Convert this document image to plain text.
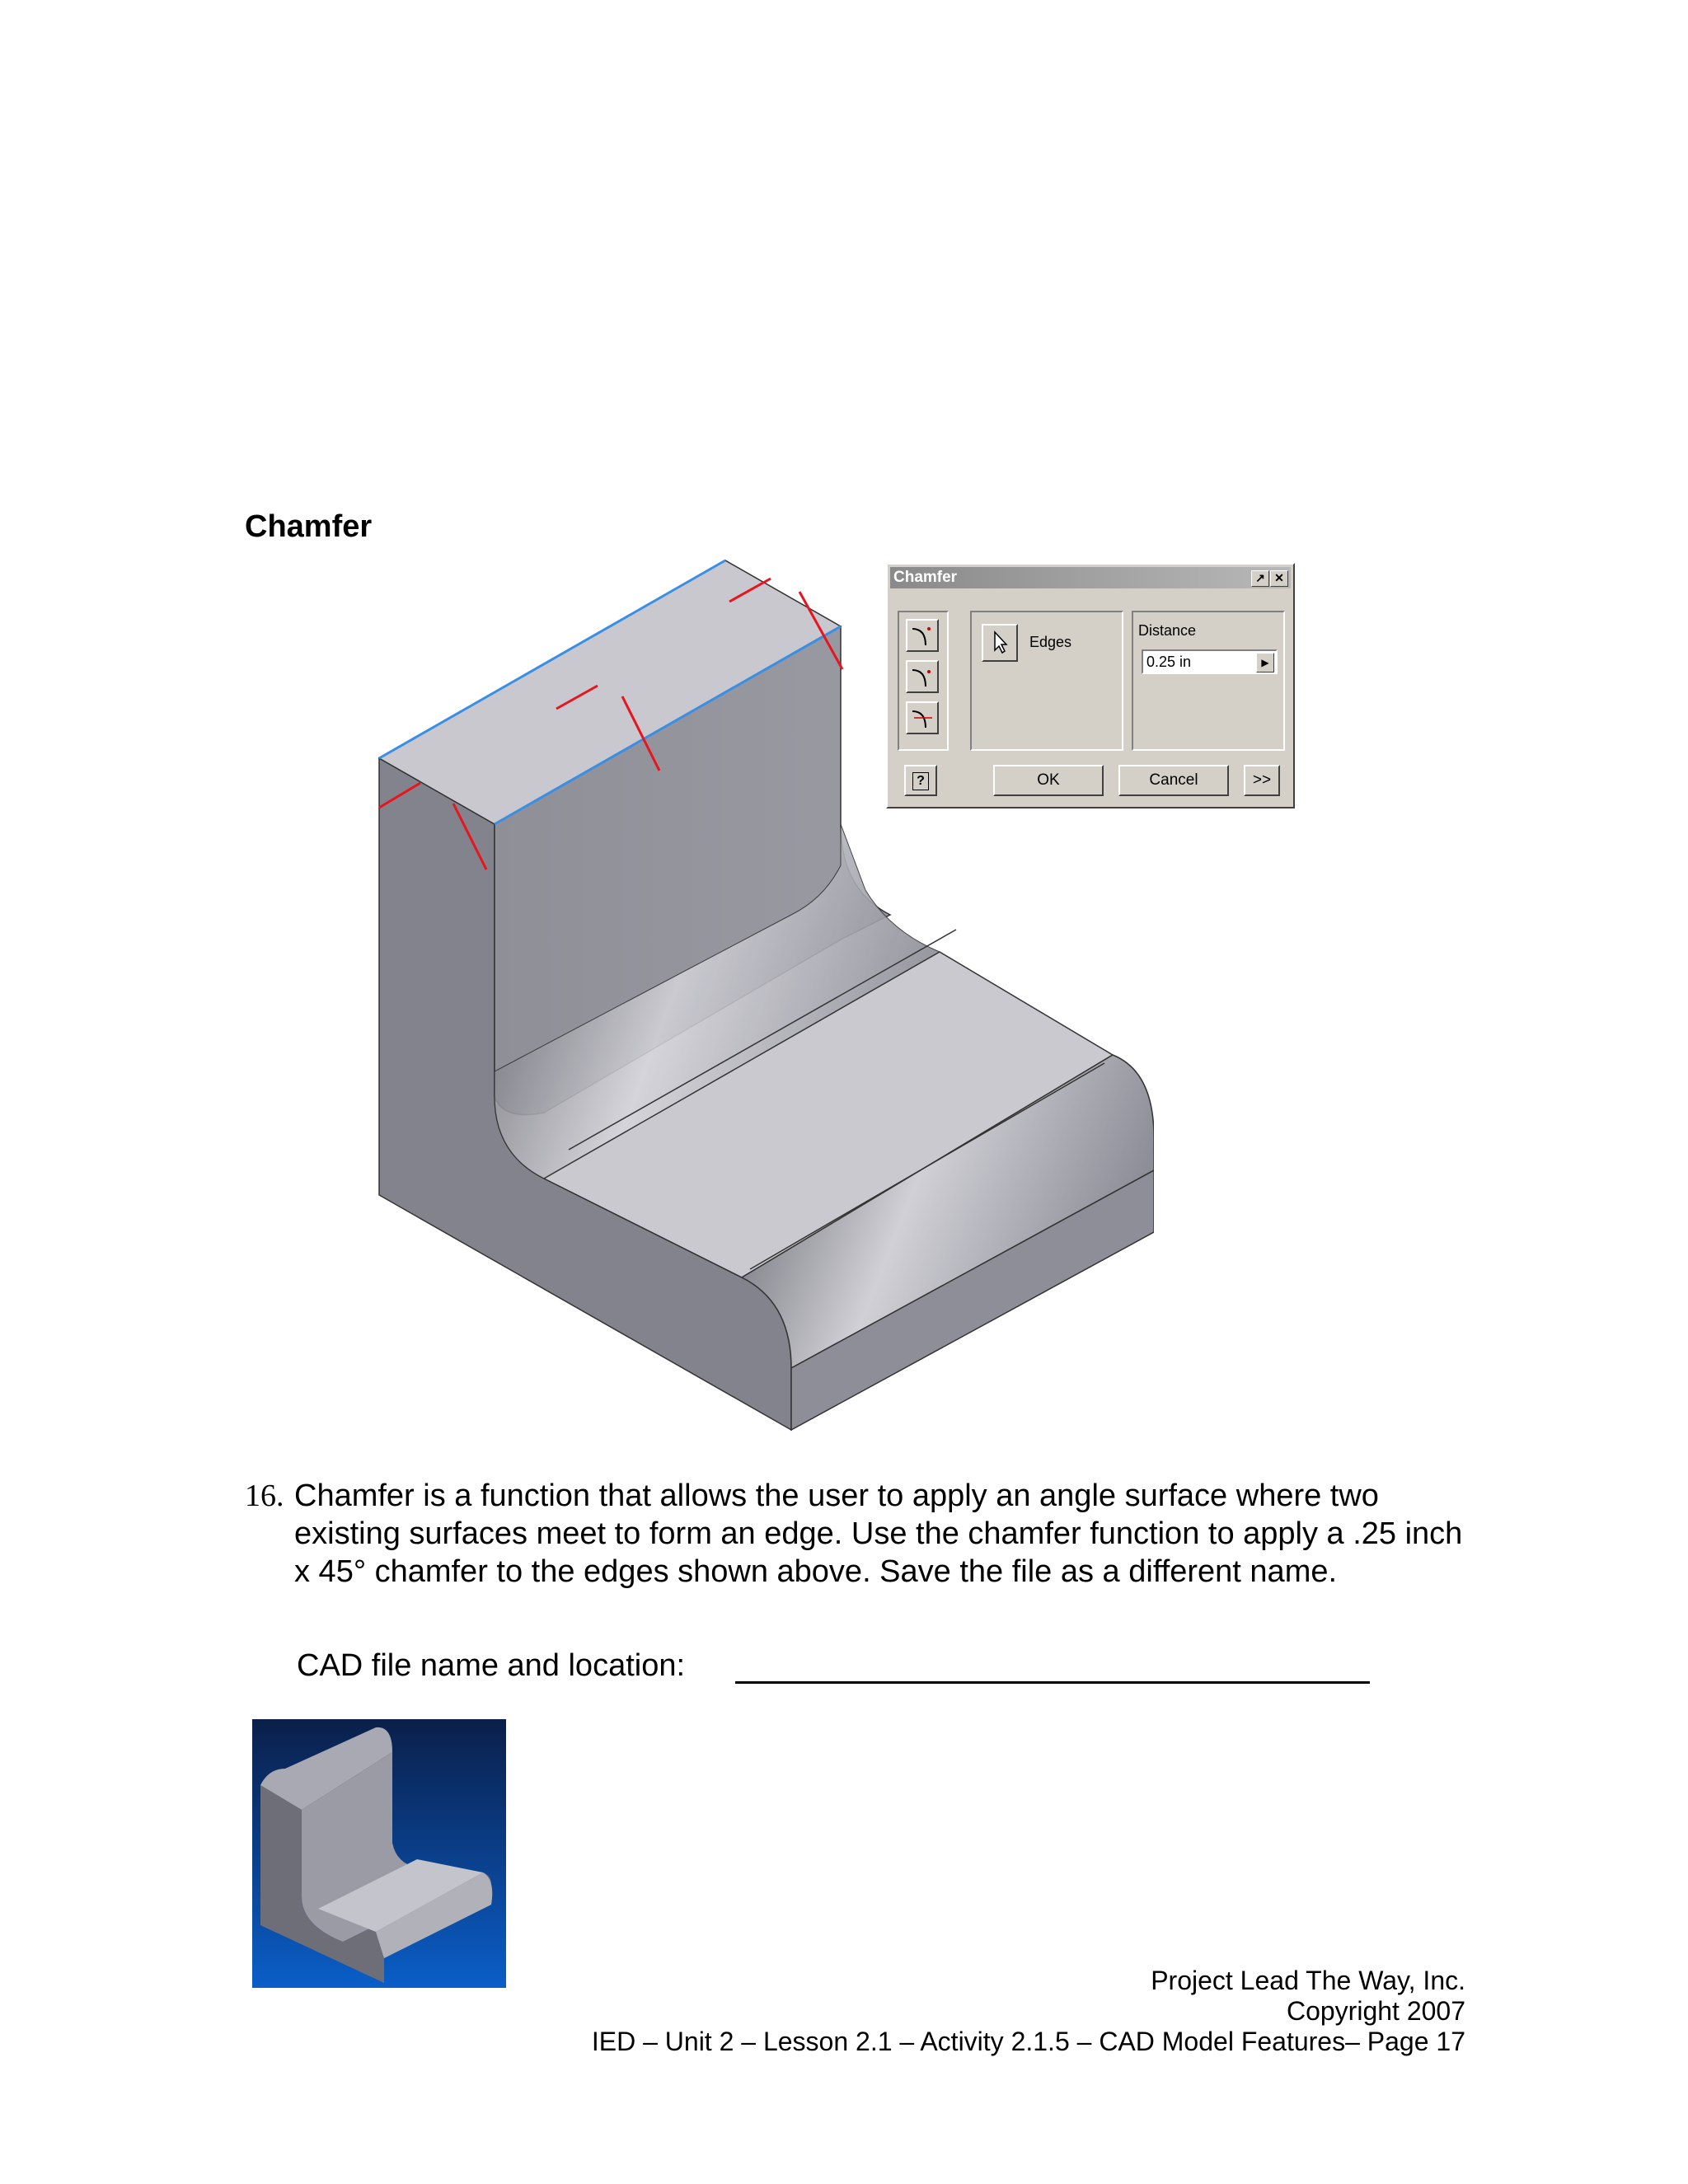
Chamfer
Chamfer	↗ ✕
Edges
Distance
0.25 in	▶
?	OK	Cancel	>>
16. Chamfer is a function that allows the user to apply an angle surface where two existing surfaces meet to form an edge. Use the chamfer function to apply a .25 inch x 45° chamfer to the edges shown above. Save the file as a different name.
CAD file name and location:
Project Lead The Way, Inc.
Copyright 2007
IED – Unit 2 – Lesson 2.1 – Activity 2.1.5 – CAD Model Features– Page 17
